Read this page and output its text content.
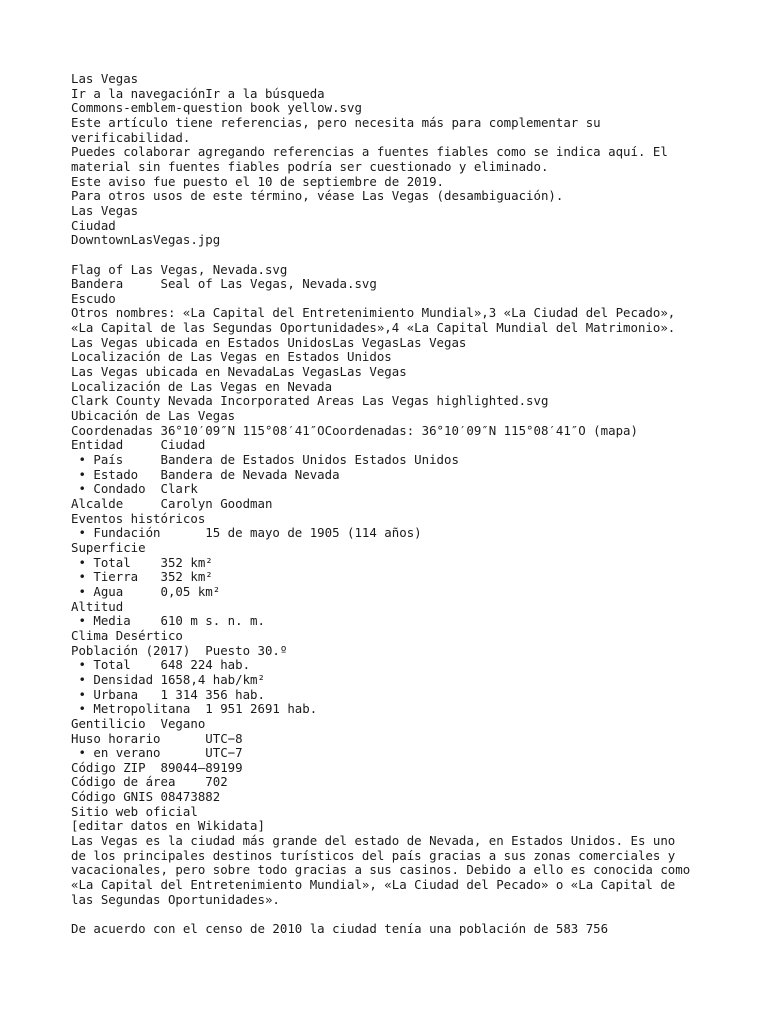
Las Vegas
Ir a la navegaciónIr a la búsqueda
Commons-emblem-question book yellow.svg
Este artículo tiene referencias, pero necesita más para complementar su
verificabilidad.
Puedes colaborar agregando referencias a fuentes fiables como se indica aquí. El
material sin fuentes fiables podría ser cuestionado y eliminado.
Este aviso fue puesto el 10 de septiembre de 2019.
Para otros usos de este término, véase Las Vegas (desambiguación).
Las Vegas
Ciudad
DowntownLasVegas.jpg
Flag of Las Vegas, Nevada.svg
Bandera     Seal of Las Vegas, Nevada.svg
Escudo
Otros nombres: «La Capital del Entretenimiento Mundial»,3 «La Ciudad del Pecado»,
«La Capital de las Segundas Oportunidades»,4 «La Capital Mundial del Matrimonio».
Las Vegas ubicada en Estados UnidosLas VegasLas Vegas
Localización de Las Vegas en Estados Unidos
Las Vegas ubicada en NevadaLas VegasLas Vegas
Localización de Las Vegas en Nevada
Clark County Nevada Incorporated Areas Las Vegas highlighted.svg
Ubicación de Las Vegas
Coordenadas 36°10′09″N 115°08′41″OCoordenadas: 36°10′09″N 115°08′41″O (mapa)
Entidad     Ciudad
• País     Bandera de Estados Unidos Estados Unidos
• Estado   Bandera de Nevada Nevada
• Condado  Clark
Alcalde     Carolyn Goodman
Eventos históricos
• Fundación      15 de mayo de 1905 (114 años)
Superficie
• Total    352 km²
• Tierra   352 km²
• Agua     0,05 km²
Altitud
• Media    610 m s. n. m.
Clima Desértico
Población (2017)  Puesto 30.º
• Total    648 224 hab.
• Densidad 1658,4 hab/km²
• Urbana   1 314 356 hab.
• Metropolitana  1 951 2691 hab.
Gentilicio  Vegano
Huso horario      UTC−8
• en verano      UTC−7
Código ZIP  89044–89199
Código de área    702
Código GNIS 08473882
Sitio web oficial
[editar datos en Wikidata]
Las Vegas es la ciudad más grande del estado de Nevada, en Estados Unidos. Es uno
de los principales destinos turísticos del país gracias a sus zonas comerciales y
vacacionales, pero sobre todo gracias a sus casinos. Debido a ello es conocida como
«La Capital del Entretenimiento Mundial», «La Ciudad del Pecado» o «La Capital de
las Segundas Oportunidades».
De acuerdo con el censo de 2010 la ciudad tenía una población de 583 756
